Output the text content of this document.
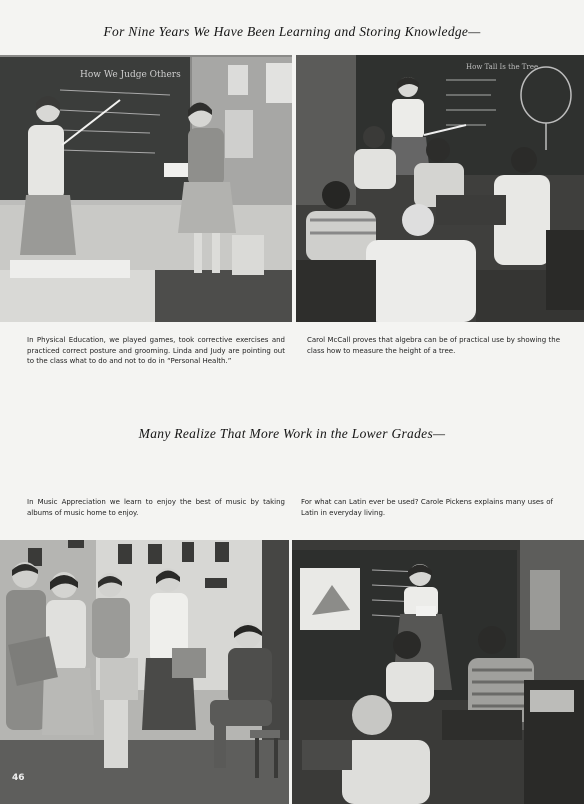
For Nine Years We Have Been Learning and Storing Knowledge—
How We Judge Others
How Tall Is the Tree
In Physical Education, we played games, took corrective exercises and practiced correct posture and grooming. Linda and Judy are pointing out to the class what to do and not to do in “Personal Health.”
Carol McCall proves that algebra can be of practical use by showing the class how to measure the height of a tree.
Many Realize That More Work in the Lower Grades—
In Music Appreciation we learn to enjoy the best of music by taking albums of music home to enjoy.
For what can Latin ever be used? Carole Pickens explains many uses of Latin in everyday living.
46
